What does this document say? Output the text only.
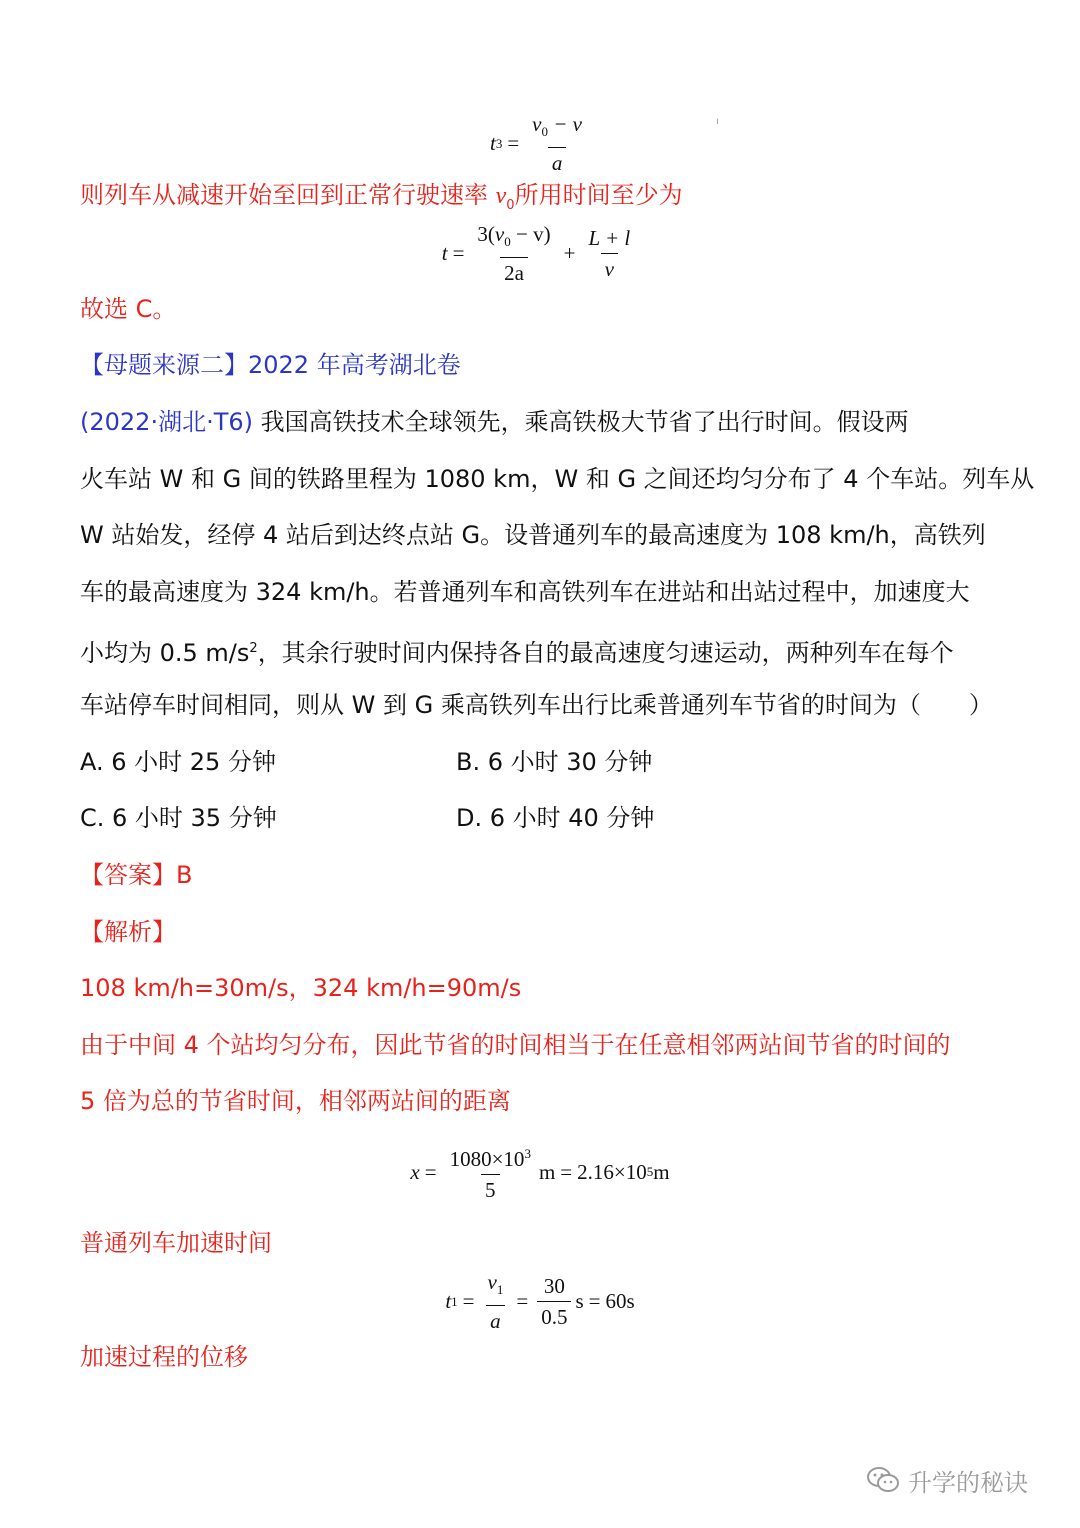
ı
t $3 = \frac{v_0 - v}{a}$
则列车从减速开始至回到正常行驶速率 $v_0$所用时间至少为
$t = \frac{3(v_0 - v)}{2a} + \frac{L + l}{v}$
故选 C。
【母题来源二】2022 年高考湖北卷
(2022·湖北·T6) 我国高铁技术全球领先，乘高铁极大节省了出行时间。假设两
火车站 W 和 G 间的铁路里程为 1080 km，W 和 G 之间还均匀分布了 4 个车站。列车从
W 站始发，经停 4 站后到达终点站 G。设普通列车的最高速度为 108 km/h，高铁列
车的最高速度为 324 km/h。若普通列车和高铁列车在进站和出站过程中，加速度大
小均为 0.5 $m/s^2$，其余行驶时间内保持各自的最高速度匀速运动，两种列车在每个
车站停车时间相同，则从 W 到 G 乘高铁列车出行比乘普通列车节省的时间为（　　）
A. 6 小时 25 分钟	B. 6 小时 30 分钟
C. 6 小时 35 分钟	D. 6 小时 40 分钟
【答案】B
【解析】
108 km/h=30m/s，324 km/h=90m/s
由于中间 4 个站均匀分布，因此节省的时间相当于在任意相邻两站间节省的时间的
5 倍为总的节省时间，相邻两站间的距离
$x = \frac{1080\times 10^3}{5}$ m = 2.16×10 5 m
普通列车加速时间
t $1 = \frac{v_1}{a} = \frac{30}{0.5}$ s = 60s
加速过程的位移
升学的秘诀
